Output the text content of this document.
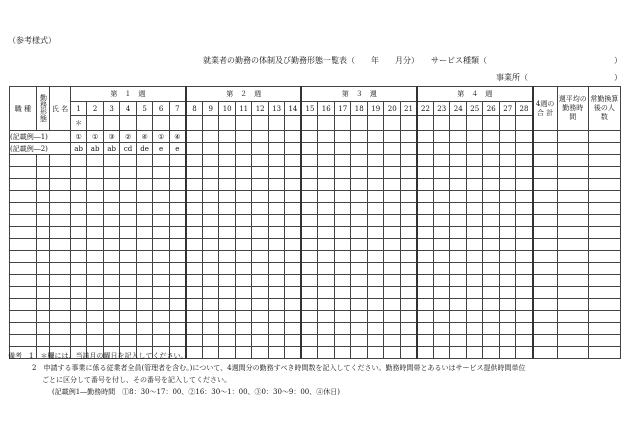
（参考様式）
就業者の勤務の体制及び勤務形態一覧表（　　年　　月分）　　サービス種類（	）
事業所（	）
職 種	勤務形態	氏 名	第　１　週							第　２　週							第　３　週							第　４　週							4週の合 計	週平均の勤務時　間	常勤換算後の人　数
			1	2	3	4	5	6	7	8	9	10	11	12	13	14	15	16	17	18	19	20	21	22	23	24	25	26	27	28			
			＊																														
(記載例―1)			①	①	③	②	④	①	④																								
(記載例―2)			ab	ab	ab	cd	de	e	e																								

備考　 1　＊欄には、当該月の曜日を記入してください。
2　申請する事業に係る従業者全員(管理者を含む。)について、4週間分の勤務すべき時間数を記入してください。勤務時間帯とあるいはサービス提供時間単位
ごとに区分して番号を付し、その番号を記入してください。
(記載例1―勤務時間　①8：30～17：00、②16：30～1：00、③0：30～9：00、④休日)
